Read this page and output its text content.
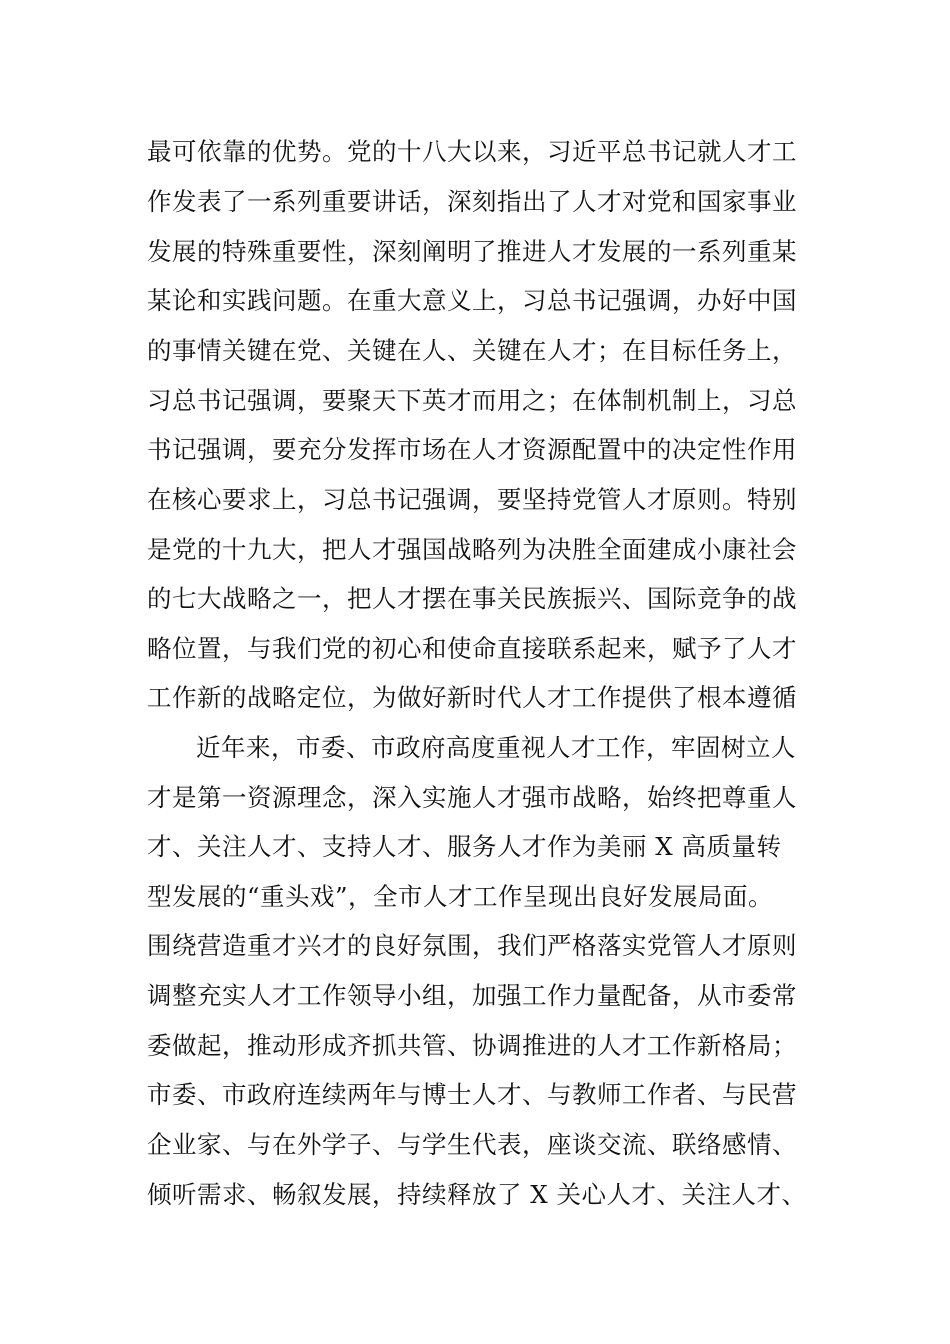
最可依靠的优势。党的十八大以来，习近平总书记就人才工
作发表了一系列重要讲话，深刻指出了人才对党和国家事业
发展的特殊重要性，深刻阐明了推进人才发展的一系列重某
某论和实践问题。在重大意义上，习总书记强调，办好中国
的事情关键在党、关键在人、关键在人才；在目标任务上，
习总书记强调，要聚天下英才而用之；在体制机制上，习总
书记强调，要充分发挥市场在人才资源配置中的决定性作用
在核心要求上，习总书记强调，要坚持党管人才原则。特别
是党的十九大，把人才强国战略列为决胜全面建成小康社会
的七大战略之一，把人才摆在事关民族振兴、国际竞争的战
略位置，与我们党的初心和使命直接联系起来，赋予了人才
工作新的战略定位，为做好新时代人才工作提供了根本遵循
近年来，市委、市政府高度重视人才工作，牢固树立人
才是第一资源理念，深入实施人才强市战略，始终把尊重人
才、关注人才、支持人才、服务人才作为美丽 X 高质量转
型发展的“重头戏”，全市人才工作呈现出良好发展局面。
围绕营造重才兴才的良好氛围，我们严格落实党管人才原则
调整充实人才工作领导小组，加强工作力量配备，从市委常
委做起，推动形成齐抓共管、协调推进的人才工作新格局；
市委、市政府连续两年与博士人才、与教师工作者、与民营
企业家、与在外学子、与学生代表，座谈交流、联络感情、
倾听需求、畅叙发展，持续释放了 X 关心人才、关注人才、
